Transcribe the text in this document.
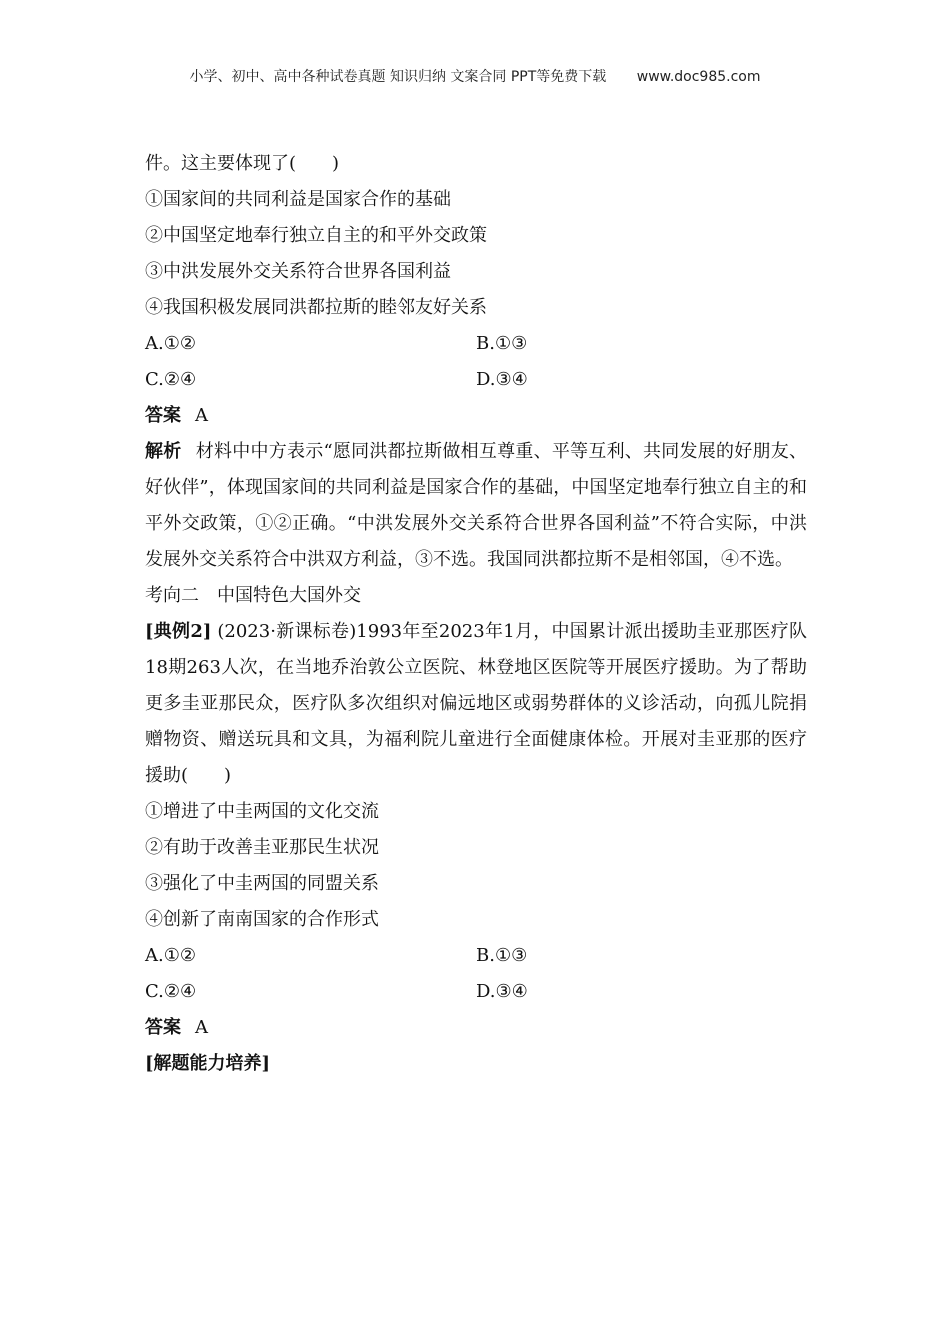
小学、初中、高中各种试卷真题 知识归纳 文案合同 PPT等免费下载 www.doc985.com
件。这主要体现了(　　)
①国家间的共同利益是国家合作的基础
②中国坚定地奉行独立自主的和平外交政策
③中洪发展外交关系符合世界各国利益
④我国积极发展同洪都拉斯的睦邻友好关系
A.①②	B.①③
C.②④	D.③④
答案 A
解析 材料中中方表示“愿同洪都拉斯做相互尊重、平等互利、共同发展的好朋友、好伙伴”，体现国家间的共同利益是国家合作的基础，中国坚定地奉行独立自主的和平外交政策，①②正确。“中洪发展外交关系符合世界各国利益”不符合实际，中洪发展外交关系符合中洪双方利益，③不选。我国同洪都拉斯不是相邻国，④不选。
考向二　中国特色大国外交
[典例2] (2023·新课标卷)1993年至2023年1月，中国累计派出援助圭亚那医疗队18期263人次，在当地乔治敦公立医院、林登地区医院等开展医疗援助。为了帮助更多圭亚那民众，医疗队多次组织对偏远地区或弱势群体的义诊活动，向孤儿院捐赠物资、赠送玩具和文具，为福利院儿童进行全面健康体检。开展对圭亚那的医疗援助(　　)
①增进了中圭两国的文化交流
②有助于改善圭亚那民生状况
③强化了中圭两国的同盟关系
④创新了南南国家的合作形式
A.①②	B.①③
C.②④	D.③④
答案 A
[解题能力培养]
